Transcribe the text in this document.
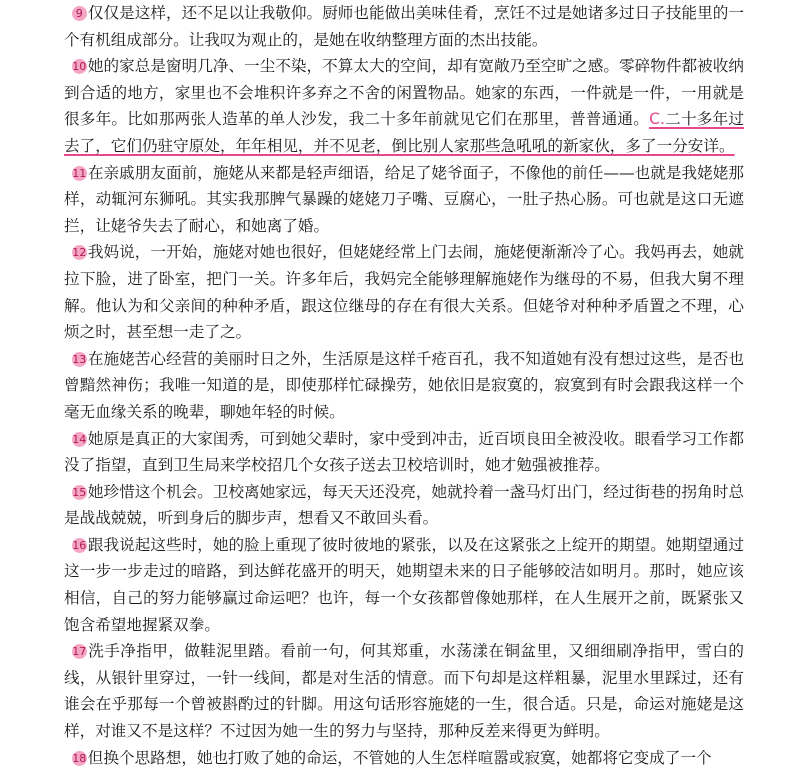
9 仅仅是这样，还不足以让我敬仰。厨师也能做出美味佳肴，烹饪不过是她诸多过日子技能里的一个有机组成部分。让我叹为观止的，是她在收纳整理方面的杰出技能。

10她的家总是窗明几净、一尘不染，不算太大的空间，却有宽敞乃至空旷之感。零碎物件都被收纳到合适的地方，家里也不会堆积许多弃之不舍的闲置物品。她家的东西，一件就是一件，一用就是很多年。比如那两张人造革的单人沙发，我二十多年前就见它们在那里，普普通通。C.二十多年过去了，它们仍驻守原处，年年相见，并不见老，倒比别人家那些急吼吼的新家伙，多了一分安详。

11在亲戚朋友面前，施姥从来都是轻声细语，给足了姥爷面子，不像他的前任——也就是我姥姥那样，动辄河东狮吼。其实我那脾气暴躁的姥姥刀子嘴、豆腐心，一肚子热心肠。可也就是这口无遮拦，让姥爷失去了耐心，和她离了婚。

12我妈说，一开始，施姥对她也很好，但姥姥经常上门去闹，施姥便渐渐冷了心。我妈再去，她就拉下脸，进了卧室，把门一关。许多年后，我妈完全能够理解施姥作为继母的不易，但我大舅不理解。他认为和父亲间的种种矛盾，跟这位继母的存在有很大关系。但姥爷对种种矛盾置之不理，心烦之时，甚至想一走了之。

13在施姥苦心经营的美丽时日之外，生活原是这样千疮百孔，我不知道她有没有想过这些，是否也曾黯然神伤；我唯一知道的是，即使那样忙碌操劳，她依旧是寂寞的，寂寞到有时会跟我这样一个毫无血缘关系的晚辈，聊她年轻的时候。

14她原是真正的大家闺秀，可到她父辈时，家中受到冲击，近百顷良田全被没收。眼看学习工作都没了指望，直到卫生局来学校招几个女孩子送去卫校培训时，她才勉强被推荐。

15她珍惜这个机会。卫校离她家远，每天天还没亮，她就拎着一盏马灯出门，经过街巷的拐角时总是战战兢兢，听到身后的脚步声，想看又不敢回头看。

16跟我说起这些时，她的脸上重现了彼时彼地的紧张，以及在这紧张之上绽开的期望。她期望通过这一步一步走过的暗路，到达鲜花盛开的明天，她期望未来的日子能够皎洁如明月。那时，她应该相信，自己的努力能够赢过命运吧？也许，每一个女孩都曾像她那样，在人生展开之前，既紧张又饱含希望地握紧双拳。

17洗手净指甲，做鞋泥里踏。看前一句，何其郑重，水荡漾在铜盆里，又细细刷净指甲，雪白的线，从银针里穿过，一针一线间，都是对生活的情意。而下句却是这样粗暴，泥里水里踩过，还有谁会在乎那每一个曾被斟酌过的针脚。用这句话形容施姥的一生，很合适。只是，命运对施姥是这样，对谁又不是这样？不过因为她一生的努力与坚持，那种反差来得更为鲜明。

18但换个思路想，她也打败了她的命运，不管她的人生怎样喧嚣或寂寞，她都将它变成了一个
